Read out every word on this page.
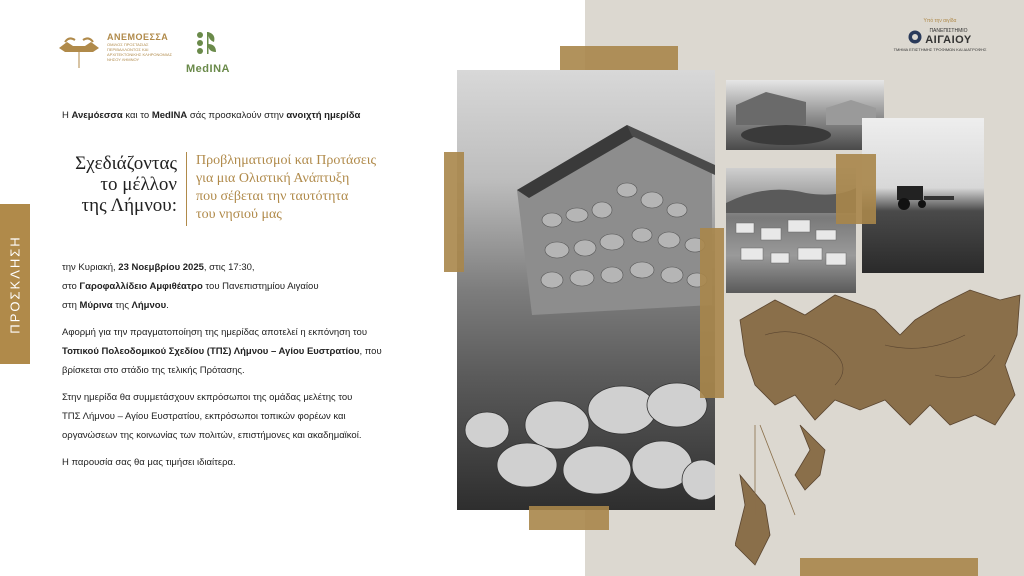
ΠΡΟΣΚΛΗΣΗ
ΑΝΕΜΟΕΣΣΑ
ΟΜΙΛΟΣ ΠΡΟΣΤΑΣΙΑΣ ΠΕΡΙΒΑΛΛΟΝΤΟΣ ΚΑΙ ΑΡΧΙΤΕΚΤΟΝΙΚΗΣ ΚΛΗΡΟΝΟΜΙΑΣ ΝΗΣΟΥ ΛΗΜΝΟΥ
MedINA
Υπό την αιγίδα
ΠΑΝΕΠΙΣΤΗΜΙΟ
ΑΙΓΑΙΟΥ
ΤΜΗΜΑ ΕΠΙΣΤΗΜΗΣ ΤΡΟΦΙΜΩΝ ΚΑΙ ΔΙΑΤΡΟΦΗΣ
Η Ανεμόεσσα και το MedINA σάς προσκαλούν στην ανοιχτή ημερίδα
Σχεδιάζοντας
το μέλλον
της Λήμνου:
Προβληματισμοί και Προτάσεις
για μια Ολιστική Ανάπτυξη
που σέβεται την ταυτότητα
του νησιού μας

την Κυριακή, 23 Νοεμβρίου 2025, στις 17:30,
στο Γαροφαλλίδειο Αμφιθέατρο του Πανεπιστημίου Αιγαίου
στη Μύρινα της Λήμνου.

Αφορμή για την πραγματοποίηση της ημερίδας αποτελεί η εκπόνηση του
Τοπικού Πολεοδομικού Σχεδίου (ΤΠΣ) Λήμνου – Αγίου Ευστρατίου, που
βρίσκεται στο στάδιο της τελικής Πρότασης.

Στην ημερίδα θα συμμετάσχουν εκπρόσωποι της ομάδας μελέτης του
ΤΠΣ Λήμνου – Αγίου Ευστρατίου, εκπρόσωποι τοπικών φορέων και
οργανώσεων της κοινωνίας των πολιτών, επιστήμονες και ακαδημαϊκοί.

Η παρουσία σας θα μας τιμήσει ιδιαίτερα.
